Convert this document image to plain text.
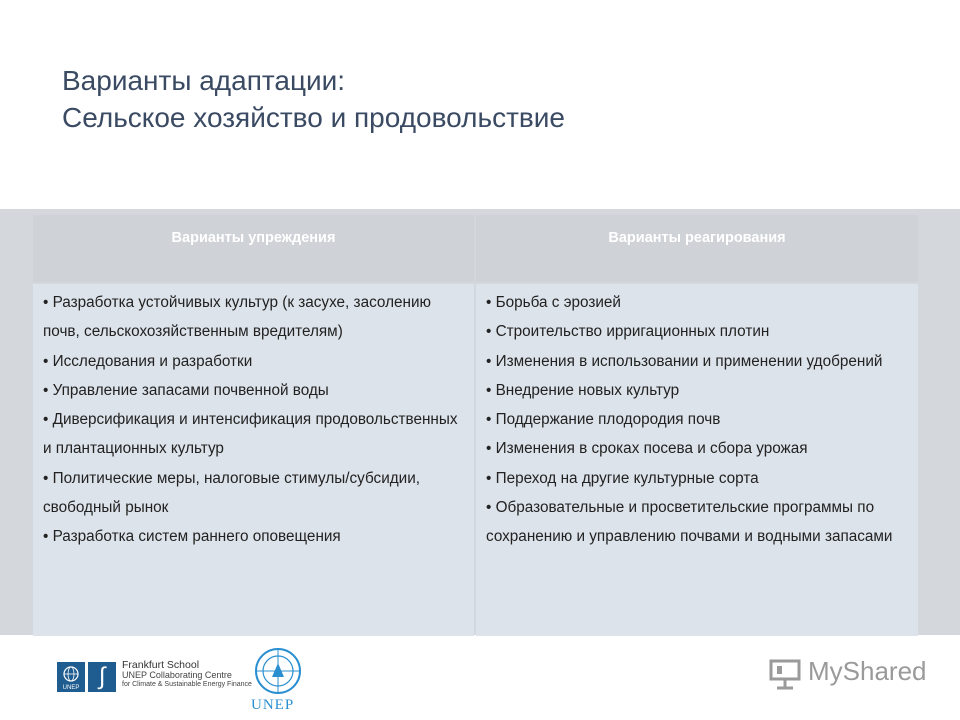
Варианты адаптации:
Сельское хозяйство и продовольствие
Варианты упреждения	Варианты реагирования
• Разработка устойчивых культур (к засухе, засолению почв, сельскохозяйственным вредителям)
• Исследования и разработки
• Управление запасами почвенной воды
• Диверсификация и интенсификация продовольственных и плантационных культур
• Политические меры, налоговые стимулы/субсидии, свободный рынок
• Разработка систем раннего оповещения
• Борьба с эрозией
• Строительство ирригационных плотин
• Изменения в использовании и применении удобрений
• Внедрение новых культур
• Поддержание плодородия почв
• Изменения в сроках посева и сбора урожая
• Переход на другие культурные сорта
• Образовательные и просветительские программы по сохранению и управлению почвами и водными запасами
UNEP ∫	Frankfurt School
UNEP Collaborating Centre
for Climate & Sustainable Energy Finance
UNEP
MyShared
